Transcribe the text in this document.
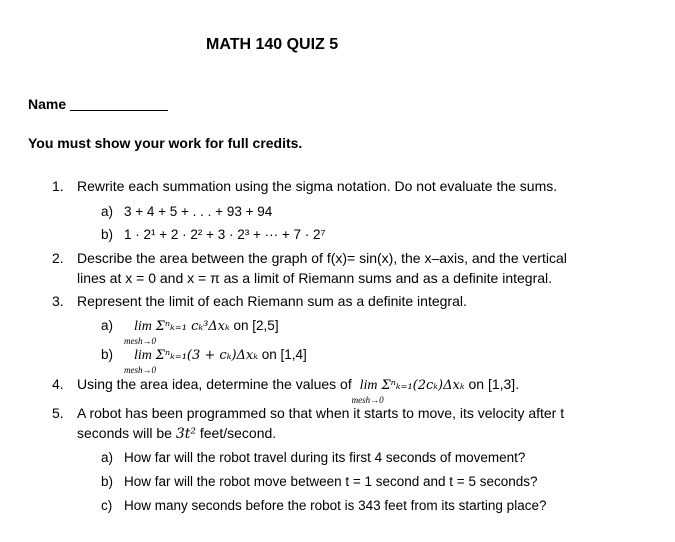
MATH 140 QUIZ 5
Name
You must show your work for full credits.
1. Rewrite each summation using the sigma notation. Do not evaluate the sums.
a) 3 + 4 + 5 + . . . + 93 + 94
b) 1 · 2¹ + 2 · 2² + 3 · 2³ + ··· + 7 · 2⁷
2. Describe the area between the graph of f(x)= sin(x), the x–axis, and the vertical
lines at x = 0 and x = π as a limit of Riemann sums and as a definite integral.
3. Represent the limit of each Riemann sum as a definite integral.
a)	lim
mesh→0
Σⁿₖ₌₁ cₖ³Δxₖ on [2,5]
b)	lim
mesh→0
Σⁿₖ₌₁(3 + cₖ)Δxₖ on [1,4]
4. Using the area idea, determine the values of lim
mesh→0
Σⁿₖ₌₁(2cₖ)Δxₖ on [1,3].
5. A robot has been programmed so that when it starts to move, its velocity after t
seconds will be 3t² feet/second.
a) How far will the robot travel during its first 4 seconds of movement?
b) How far will the robot move between t = 1 second and t = 5 seconds?
c) How many seconds before the robot is 343 feet from its starting place?
